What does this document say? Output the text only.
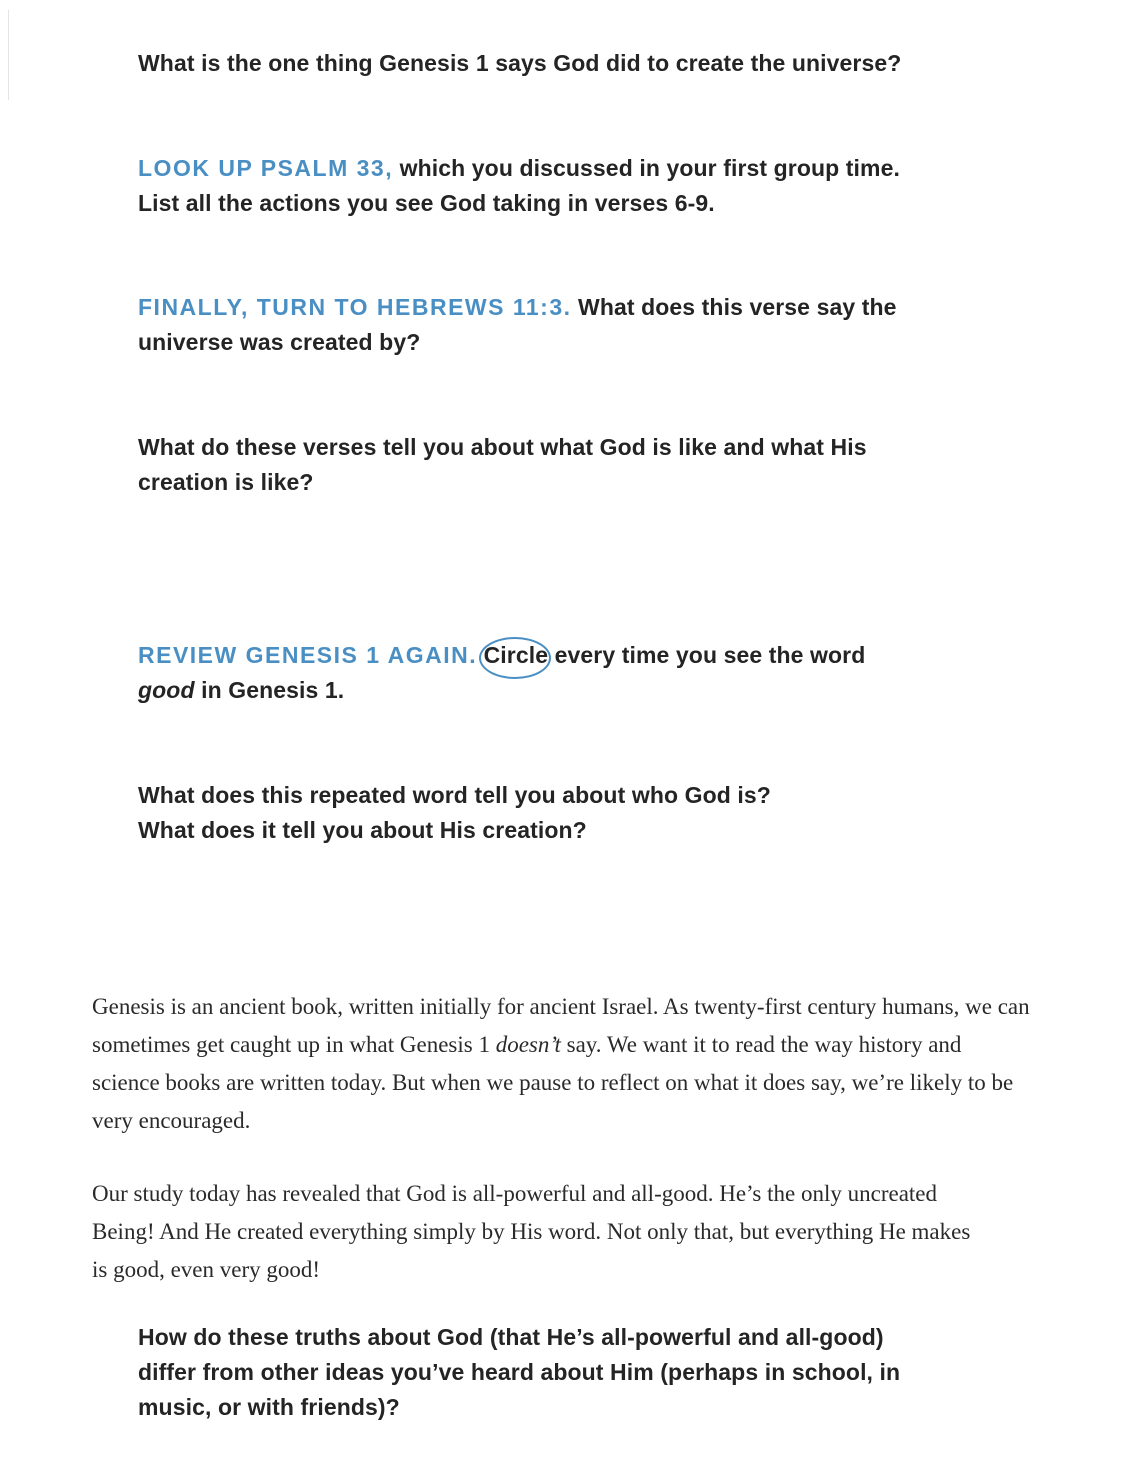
What is the one thing Genesis 1 says God did to create the universe?
LOOK UP PSALM 33, which you discussed in your first group time.
List all the actions you see God taking in verses 6-9.
FINALLY, TURN TO HEBREWS 11:3. What does this verse say the
universe was created by?
What do these verses tell you about what God is like and what His
creation is like?
REVIEW GENESIS 1 AGAIN. Circle every time you see the word
good in Genesis 1.
What does this repeated word tell you about who God is?
What does it tell you about His creation?

Genesis is an ancient book, written initially for ancient Israel. As twenty-first century humans, we can sometimes get caught up in what Genesis 1 doesn’t say. We want it to read the way history and science books are written today. But when we pause to reflect on what it does say, we’re likely to be very encouraged.

Our study today has revealed that God is all-powerful and all-good. He’s the only uncreated Being! And He created everything simply by His word. Not only that, but everything He makes is good, even very good!

How do these truths about God (that He’s all-powerful and all-good)
differ from other ideas you’ve heard about Him (perhaps in school, in
music, or with friends)?
